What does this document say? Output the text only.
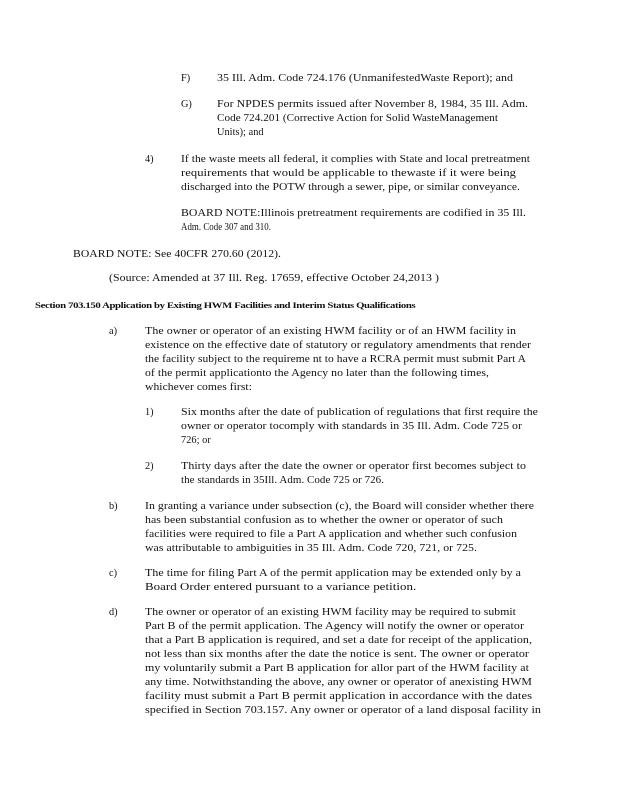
F)	35 Ill. Adm. Code 724.176 (UnmanifestedWaste Report); and
G) For NPDES permits issued after November 8, 1984, 35 Ill. Adm.
Code 724.201 (Corrective Action for Solid WasteManagement
Units); and
4)	If the waste meets all federal, it complies with State and local pretreatment
requirements that would be applicable to thewaste if it were being
discharged into the POTW through a sewer, pipe, or similar conveyance.
BOARD NOTE:Illinois pretreatment requirements are codified in 35 Ill.
Adm. Code 307 and 310.
BOARD NOTE: See 40CFR 270.60 (2012).
(Source: Amended at 37 Ill. Reg. 17659, effective October 24,2013 )
Section 703.150 Application by Existing HWM Facilities and Interim Status Qualifications
a)	The owner or operator of an existing HWM facility or of an HWM facility in
existence on the effective date of statutory or regulatory amendments that render
the facility subject to the requireme nt to have a RCRA permit must submit Part A
of the permit applicationto the Agency no later than the following times,
whichever comes first:
1)	Six months after the date of publication of regulations that first require the
owner or operator tocomply with standards in 35 Ill. Adm. Code 725 or
726; or
2)	Thirty days after the date the owner or operator first becomes subject to
the standards in 35Ill. Adm. Code 725 or 726.
b)	In granting a variance under subsection (c), the Board will consider whether there
has been substantial confusion as to whether the owner or operator of such
facilities were required to file a Part A application and whether such confusion
was attributable to ambiguities in 35 Ill. Adm. Code 720, 721, or 725.
c)	The time for filing Part A of the permit application may be extended only by a
Board Order entered pursuant to a variance petition.
d)	The owner or operator of an existing HWM facility may be required to submit
Part B of the permit application. The Agency will notify the owner or operator
that a Part B application is required, and set a date for receipt of the application,
not less than six months after the date the notice is sent. The owner or operator
my voluntarily submit a Part B application for allor part of the HWM facility at
any time. Notwithstanding the above, any owner or operator of anexisting HWM
facility must submit a Part B permit application in accordance with the dates
specified in Section 703.157. Any owner or operator of a land disposal facility in
